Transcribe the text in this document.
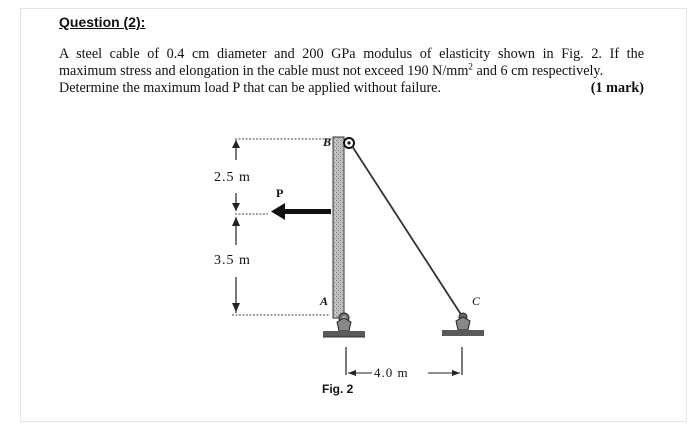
Question (2):
A steel cable of 0.4 cm diameter and 200 GPa modulus of elasticity shown in Fig. 2. If the
maximum stress and elongation in the cable must not exceed 190 $N/mm^2$ and 6 cm respectively.
Determine the maximum load P that can be applied without failure.	(1 mark)
2.5 m
3.5 m
4.0 m
P
B
A	C
Fig. 2
